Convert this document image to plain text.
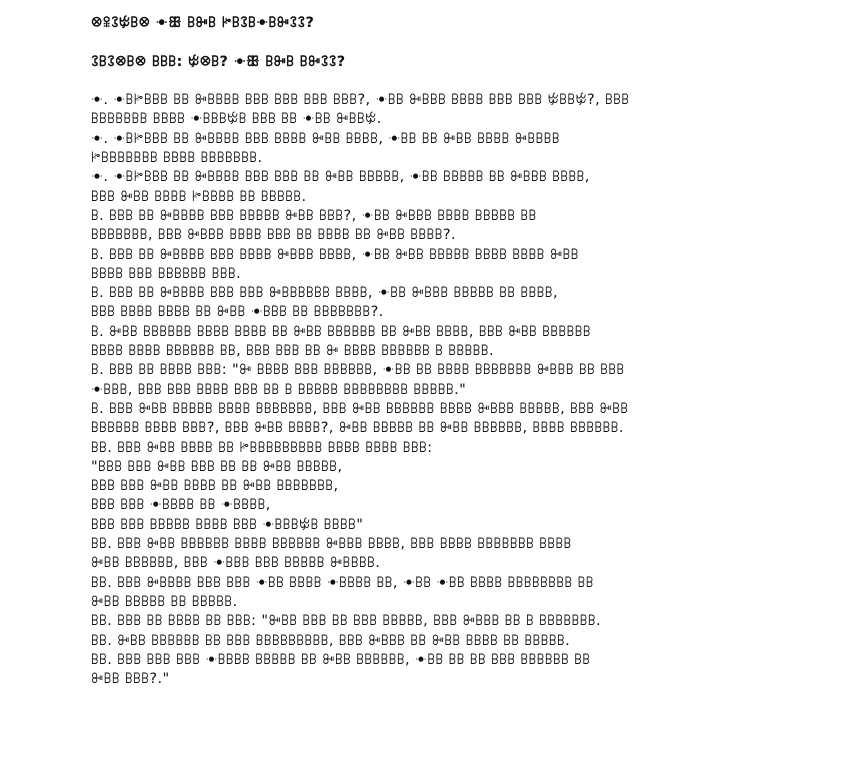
ꕕꕉꕘꔲꕗꕕ ꔹꕥ ꕗꔻꕗ ꔶꕗꕘꕗꔹꕗꔻꕘꕘ?
ꕘꕗꕘꕕꕗꕕ ꕗꕗꕗ: ꔲꕕꕗ? ꔹꕥ ꕗꔻꕗ ꕗꔻꕘꕘ?
ꔹ. ꔹꕗꔶꕗꕗꕗ ꕗꕗ ꔻꕗꕗꕗꕗ ꕗꕗꕗ ꕗꕗꕗ ꕗꕗꕗ ꕗꕗꕗ?, ꔹꕗꕗ ꔻꕗꕗꕗ ꕗꕗꕗꕗ ꕗꕗꕗ ꕗꕗꕗ ꔲꕗꕗꔲ?, ꕗꕗꕗ
ꕗꕗꕗꕗꕗꕗꕗ ꕗꕗꕗꕗ ꔹꕗꕗꕗꔲꕗ ꕗꕗꕗ ꕗꕗ ꔹꕗꕗ ꔻꕗꕗꔲ.
ꔹ. ꔹꕗꔶꕗꕗꕗ ꕗꕗ ꔻꕗꕗꕗꕗ ꕗꕗꕗ ꕗꕗꕗꕗ ꔻꕗꕗ ꕗꕗꕗꕗ, ꔹꕗꕗ ꕗꕗ ꔻꕗꕗ ꕗꕗꕗꕗ ꔻꕗꕗꕗꕗ
ꔶꕗꕗꕗꕗꕗꕗꕗ ꕗꕗꕗꕗ ꕗꕗꕗꕗꕗꕗꕗ.
ꔹ. ꔹꕗꔶꕗꕗꕗ ꕗꕗ ꔻꕗꕗꕗꕗ ꕗꕗꕗ ꕗꕗꕗ ꕗꕗ ꔻꕗꕗ ꕗꕗꕗꕗꕗ, ꔹꕗꕗ ꕗꕗꕗꕗꕗ ꕗꕗ ꔻꕗꕗꕗ ꕗꕗꕗꕗ,
ꕗꕗꕗ ꔻꕗꕗ ꕗꕗꕗꕗ ꔶꕗꕗꕗꕗ ꕗꕗ ꕗꕗꕗꕗꕗ.
ꕗ. ꕗꕗꕗ ꕗꕗ ꔻꕗꕗꕗꕗ ꕗꕗꕗ ꕗꕗꕗꕗꕗ ꔻꕗꕗ ꕗꕗꕗ?, ꔹꕗꕗ ꔻꕗꕗꕗ ꕗꕗꕗꕗ ꕗꕗꕗꕗꕗ ꕗꕗ
ꕗꕗꕗꕗꕗꕗꕗ, ꕗꕗꕗ ꔻꕗꕗꕗ ꕗꕗꕗꕗ ꕗꕗꕗ ꕗꕗ ꕗꕗꕗꕗ ꕗꕗ ꔻꕗꕗ ꕗꕗꕗꕗ?.
ꕗ. ꕗꕗꕗ ꕗꕗ ꔻꕗꕗꕗꕗ ꕗꕗꕗ ꕗꕗꕗꕗ ꔻꕗꕗꕗ ꕗꕗꕗꕗ, ꔹꕗꕗ ꔻꕗꕗ ꕗꕗꕗꕗꕗ ꕗꕗꕗꕗ ꕗꕗꕗꕗ ꔻꕗꕗ
ꕗꕗꕗꕗ ꕗꕗꕗ ꕗꕗꕗꕗꕗꕗ ꕗꕗꕗ.
ꕗ. ꕗꕗꕗ ꕗꕗ ꔻꕗꕗꕗꕗ ꕗꕗꕗ ꕗꕗꕗ ꔻꕗꕗꕗꕗꕗꕗ ꕗꕗꕗꕗ, ꔹꕗꕗ ꔻꕗꕗꕗ ꕗꕗꕗꕗꕗ ꕗꕗ ꕗꕗꕗꕗ,
ꕗꕗꕗ ꕗꕗꕗꕗ ꕗꕗꕗꕗ ꕗꕗ ꔻꕗꕗ ꔹꕗꕗꕗ ꕗꕗ ꕗꕗꕗꕗꕗꕗꕗ?.
ꕗ. ꔻꕗꕗ ꕗꕗꕗꕗꕗꕗ ꕗꕗꕗꕗ ꕗꕗꕗꕗ ꕗꕗ ꔻꕗꕗ ꕗꕗꕗꕗꕗꕗ ꕗꕗ ꔻꕗꕗ ꕗꕗꕗꕗ, ꕗꕗꕗ ꔻꕗꕗ ꕗꕗꕗꕗꕗꕗ
ꕗꕗꕗꕗ ꕗꕗꕗꕗ ꕗꕗꕗꕗꕗꕗ ꕗꕗ, ꕗꕗꕗ ꕗꕗꕗ ꕗꕗ ꔻ ꕗꕗꕗꕗ ꕗꕗꕗꕗꕗꕗ ꕗ ꕗꕗꕗꕗꕗ.
ꕗ. ꕗꕗꕗ ꕗꕗ ꕗꕗꕗꕗ ꕗꕗꕗ: "ꔻ ꕗꕗꕗꕗ ꕗꕗꕗ ꕗꕗꕗꕗꕗꕗ, ꔹꕗꕗ ꕗꕗ ꕗꕗꕗꕗ ꕗꕗꕗꕗꕗꕗꕗ ꔻꕗꕗꕗ ꕗꕗ ꕗꕗꕗ
ꔹꕗꕗꕗ, ꕗꕗꕗ ꕗꕗꕗ ꕗꕗꕗꕗ ꕗꕗꕗ ꕗꕗ ꕗ ꕗꕗꕗꕗꕗ ꕗꕗꕗꕗꕗꕗꕗꕗ ꕗꕗꕗꕗꕗ."
ꕗ. ꕗꕗꕗ ꔻꕗꕗ ꕗꕗꕗꕗꕗ ꕗꕗꕗꕗ ꕗꕗꕗꕗꕗꕗꕗ, ꕗꕗꕗ ꔻꕗꕗ ꕗꕗꕗꕗꕗꕗ ꕗꕗꕗꕗ ꔻꕗꕗꕗ ꕗꕗꕗꕗꕗ, ꕗꕗꕗ ꔻꕗꕗ
ꕗꕗꕗꕗꕗꕗ ꕗꕗꕗꕗ ꕗꕗꕗ?, ꕗꕗꕗ ꔻꕗꕗ ꕗꕗꕗꕗ?, ꔻꕗꕗ ꕗꕗꕗꕗꕗ ꕗꕗ ꔻꕗꕗ ꕗꕗꕗꕗꕗꕗ, ꕗꕗꕗꕗ ꕗꕗꕗꕗꕗꕗ.
ꕗꕗ. ꕗꕗꕗ ꔻꕗꕗ ꕗꕗꕗꕗ ꕗꕗ ꔶꕗꕗꕗꕗꕗꕗꕗꕗꕗ ꕗꕗꕗꕗ ꕗꕗꕗꕗ ꕗꕗꕗ:
"ꕗꕗꕗ ꕗꕗꕗ ꔻꕗꕗ ꕗꕗꕗ ꕗꕗ ꕗꕗ ꔻꕗꕗ ꕗꕗꕗꕗꕗ,
ꕗꕗꕗ ꕗꕗꕗ ꔻꕗꕗ ꕗꕗꕗꕗ ꕗꕗ ꔻꕗꕗ ꕗꕗꕗꕗꕗꕗꕗ,
ꕗꕗꕗ ꕗꕗꕗ ꔹꕗꕗꕗꕗ ꕗꕗ ꔹꕗꕗꕗꕗ,
ꕗꕗꕗ ꕗꕗꕗ ꕗꕗꕗꕗꕗ ꕗꕗꕗꕗ ꕗꕗꕗ ꔹꕗꕗꕗꔲꕗ ꕗꕗꕗꕗ"
ꕗꕗ. ꕗꕗꕗ ꔻꕗꕗ ꕗꕗꕗꕗꕗꕗ ꕗꕗꕗꕗ ꕗꕗꕗꕗꕗꕗ ꔻꕗꕗꕗ ꕗꕗꕗꕗ, ꕗꕗꕗ ꕗꕗꕗꕗ ꕗꕗꕗꕗꕗꕗꕗ ꕗꕗꕗꕗ
ꔻꕗꕗ ꕗꕗꕗꕗꕗꕗ, ꕗꕗꕗ ꔹꕗꕗꕗ ꕗꕗꕗ ꕗꕗꕗꕗꕗ ꔻꕗꕗꕗꕗ.
ꕗꕗ. ꕗꕗꕗ ꔻꕗꕗꕗꕗ ꕗꕗꕗ ꕗꕗꕗ ꔹꕗꕗ ꕗꕗꕗꕗ ꔹꕗꕗꕗꕗ ꕗꕗ, ꔹꕗꕗ ꔹꕗꕗ ꕗꕗꕗꕗ ꕗꕗꕗꕗꕗꕗꕗꕗ ꕗꕗ
ꔻꕗꕗ ꕗꕗꕗꕗꕗ ꕗꕗ ꕗꕗꕗꕗꕗ.
ꕗꕗ. ꕗꕗꕗ ꕗꕗ ꕗꕗꕗꕗ ꕗꕗ ꕗꕗꕗ: "ꔻꕗꕗ ꕗꕗꕗ ꕗꕗ ꕗꕗꕗ ꕗꕗꕗꕗꕗ, ꕗꕗꕗ ꔻꕗꕗꕗ ꕗꕗ ꕗ ꕗꕗꕗꕗꕗꕗꕗ.
ꕗꕗ. ꔻꕗꕗ ꕗꕗꕗꕗꕗꕗ ꕗꕗ ꕗꕗꕗ ꕗꕗꕗꕗꕗꕗꕗꕗꕗ, ꕗꕗꕗ ꔻꕗꕗꕗ ꕗꕗ ꔻꕗꕗ ꕗꕗꕗꕗ ꕗꕗ ꕗꕗꕗꕗꕗ.
ꕗꕗ. ꕗꕗꕗ ꕗꕗꕗ ꕗꕗꕗ ꔹꕗꕗꕗꕗ ꕗꕗꕗꕗꕗ ꕗꕗ ꔻꕗꕗ ꕗꕗꕗꕗꕗꕗ, ꔹꕗꕗ ꕗꕗ ꕗꕗ ꕗꕗꕗ ꕗꕗꕗꕗꕗꕗ ꕗꕗ
ꔻꕗꕗ ꕗꕗꕗ?."
